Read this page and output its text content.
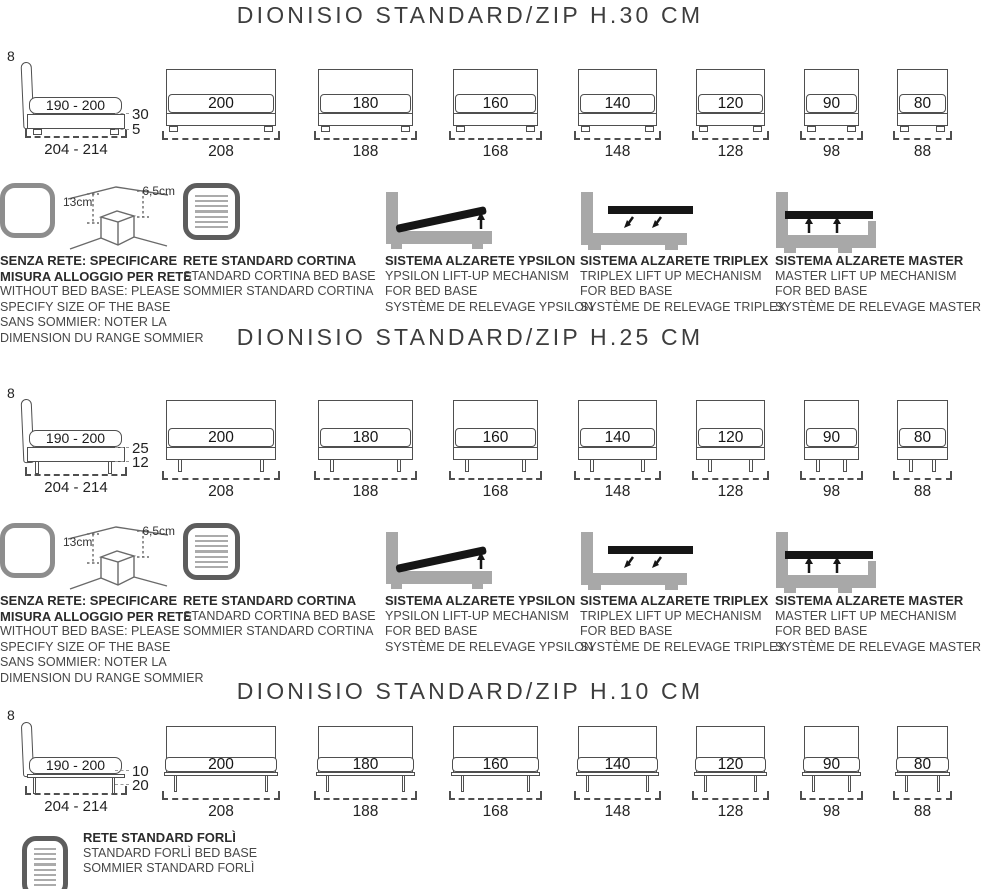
DIONISIO STANDARD/ZIP H.30 CM
8
190 - 200
204 - 214
30
5
200
208
180
188
160
168
140
148
120
128
90
98
80
88
13cm
6,5cm
SENZA RETE: SPECIFICARE
MISURA ALLOGGIO PER RETE
WITHOUT BED BASE: PLEASE
SPECIFY SIZE OF THE BASE
SANS SOMMIER: NOTER LA
DIMENSION DU RANGE SOMMIER
RETE STANDARD CORTINA
STANDARD CORTINA BED BASE
SOMMIER STANDARD CORTINA
SISTEMA ALZARETE YPSILON
YPSILON LIFT-UP MECHANISM
FOR BED BASE
SYSTÈME DE RELEVAGE YPSILON
SISTEMA ALZARETE TRIPLEX
TRIPLEX LIFT UP MECHANISM
FOR BED BASE
SYSTÈME DE RELEVAGE TRIPLEX
SISTEMA ALZARETE MASTER
MASTER LIFT UP MECHANISM
FOR BED BASE
SYSTÈME DE RELEVAGE MASTER
DIONISIO STANDARD/ZIP H.25 CM
8
190 - 200
204 - 214
25
12
200
208
180
188
160
168
140
148
120
128
90
98
80
88
13cm
6,5cm
SENZA RETE: SPECIFICARE
MISURA ALLOGGIO PER RETE
WITHOUT BED BASE: PLEASE
SPECIFY SIZE OF THE BASE
SANS SOMMIER: NOTER LA
DIMENSION DU RANGE SOMMIER
RETE STANDARD CORTINA
STANDARD CORTINA BED BASE
SOMMIER STANDARD CORTINA
SISTEMA ALZARETE YPSILON
YPSILON LIFT-UP MECHANISM
FOR BED BASE
SYSTÈME DE RELEVAGE YPSILON
SISTEMA ALZARETE TRIPLEX
TRIPLEX LIFT UP MECHANISM
FOR BED BASE
SYSTÈME DE RELEVAGE TRIPLEX
SISTEMA ALZARETE MASTER
MASTER LIFT UP MECHANISM
FOR BED BASE
SYSTÈME DE RELEVAGE MASTER
DIONISIO STANDARD/ZIP H.10 CM
8
190 - 200
204 - 214
10
20
200
208
180
188
160
168
140
148
120
128
90
98
80
88
RETE STANDARD FORLÌ
STANDARD FORLÌ BED BASE
SOMMIER STANDARD FORLÌ
